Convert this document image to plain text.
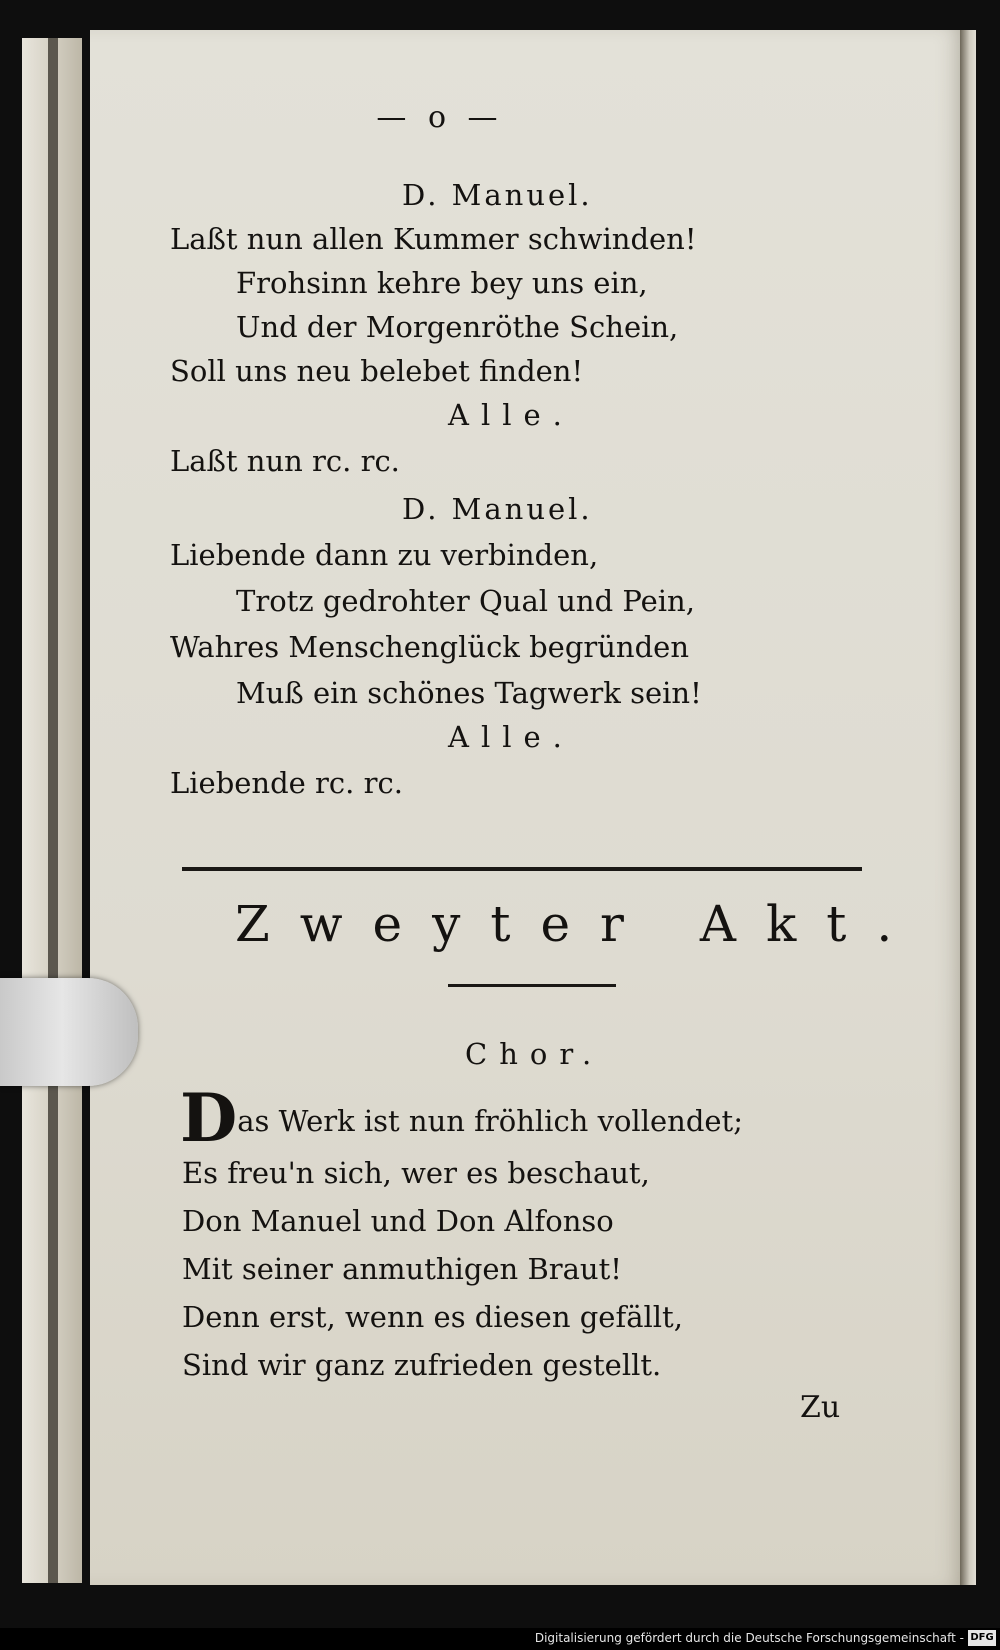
— o —
D. Manuel.
Laßt nun allen Kummer schwinden!
Frohsinn kehre bey uns ein,
Und der Morgenröthe Schein,
Soll uns neu belebet finden!
Alle.
Laßt nun rc. rc.
D. Manuel.
Liebende dann zu verbinden,
Trotz gedrohter Qual und Pein,
Wahres Menschenglück begründen
Muß ein schönes Tagwerk sein!
Alle.
Liebende rc. rc.
Zweyter Akt.
Chor.
Das Werk ist nun fröhlich vollendet;
Es freu'n sich, wer es beschaut,
Don Manuel und Don Alfonso
Mit seiner anmuthigen Braut!
Denn erst, wenn es diesen gefällt,
Sind wir ganz zufrieden gestellt.
Zu
Digitalisierung gefördert durch die Deutsche Forschungsgemeinschaft - DFG
